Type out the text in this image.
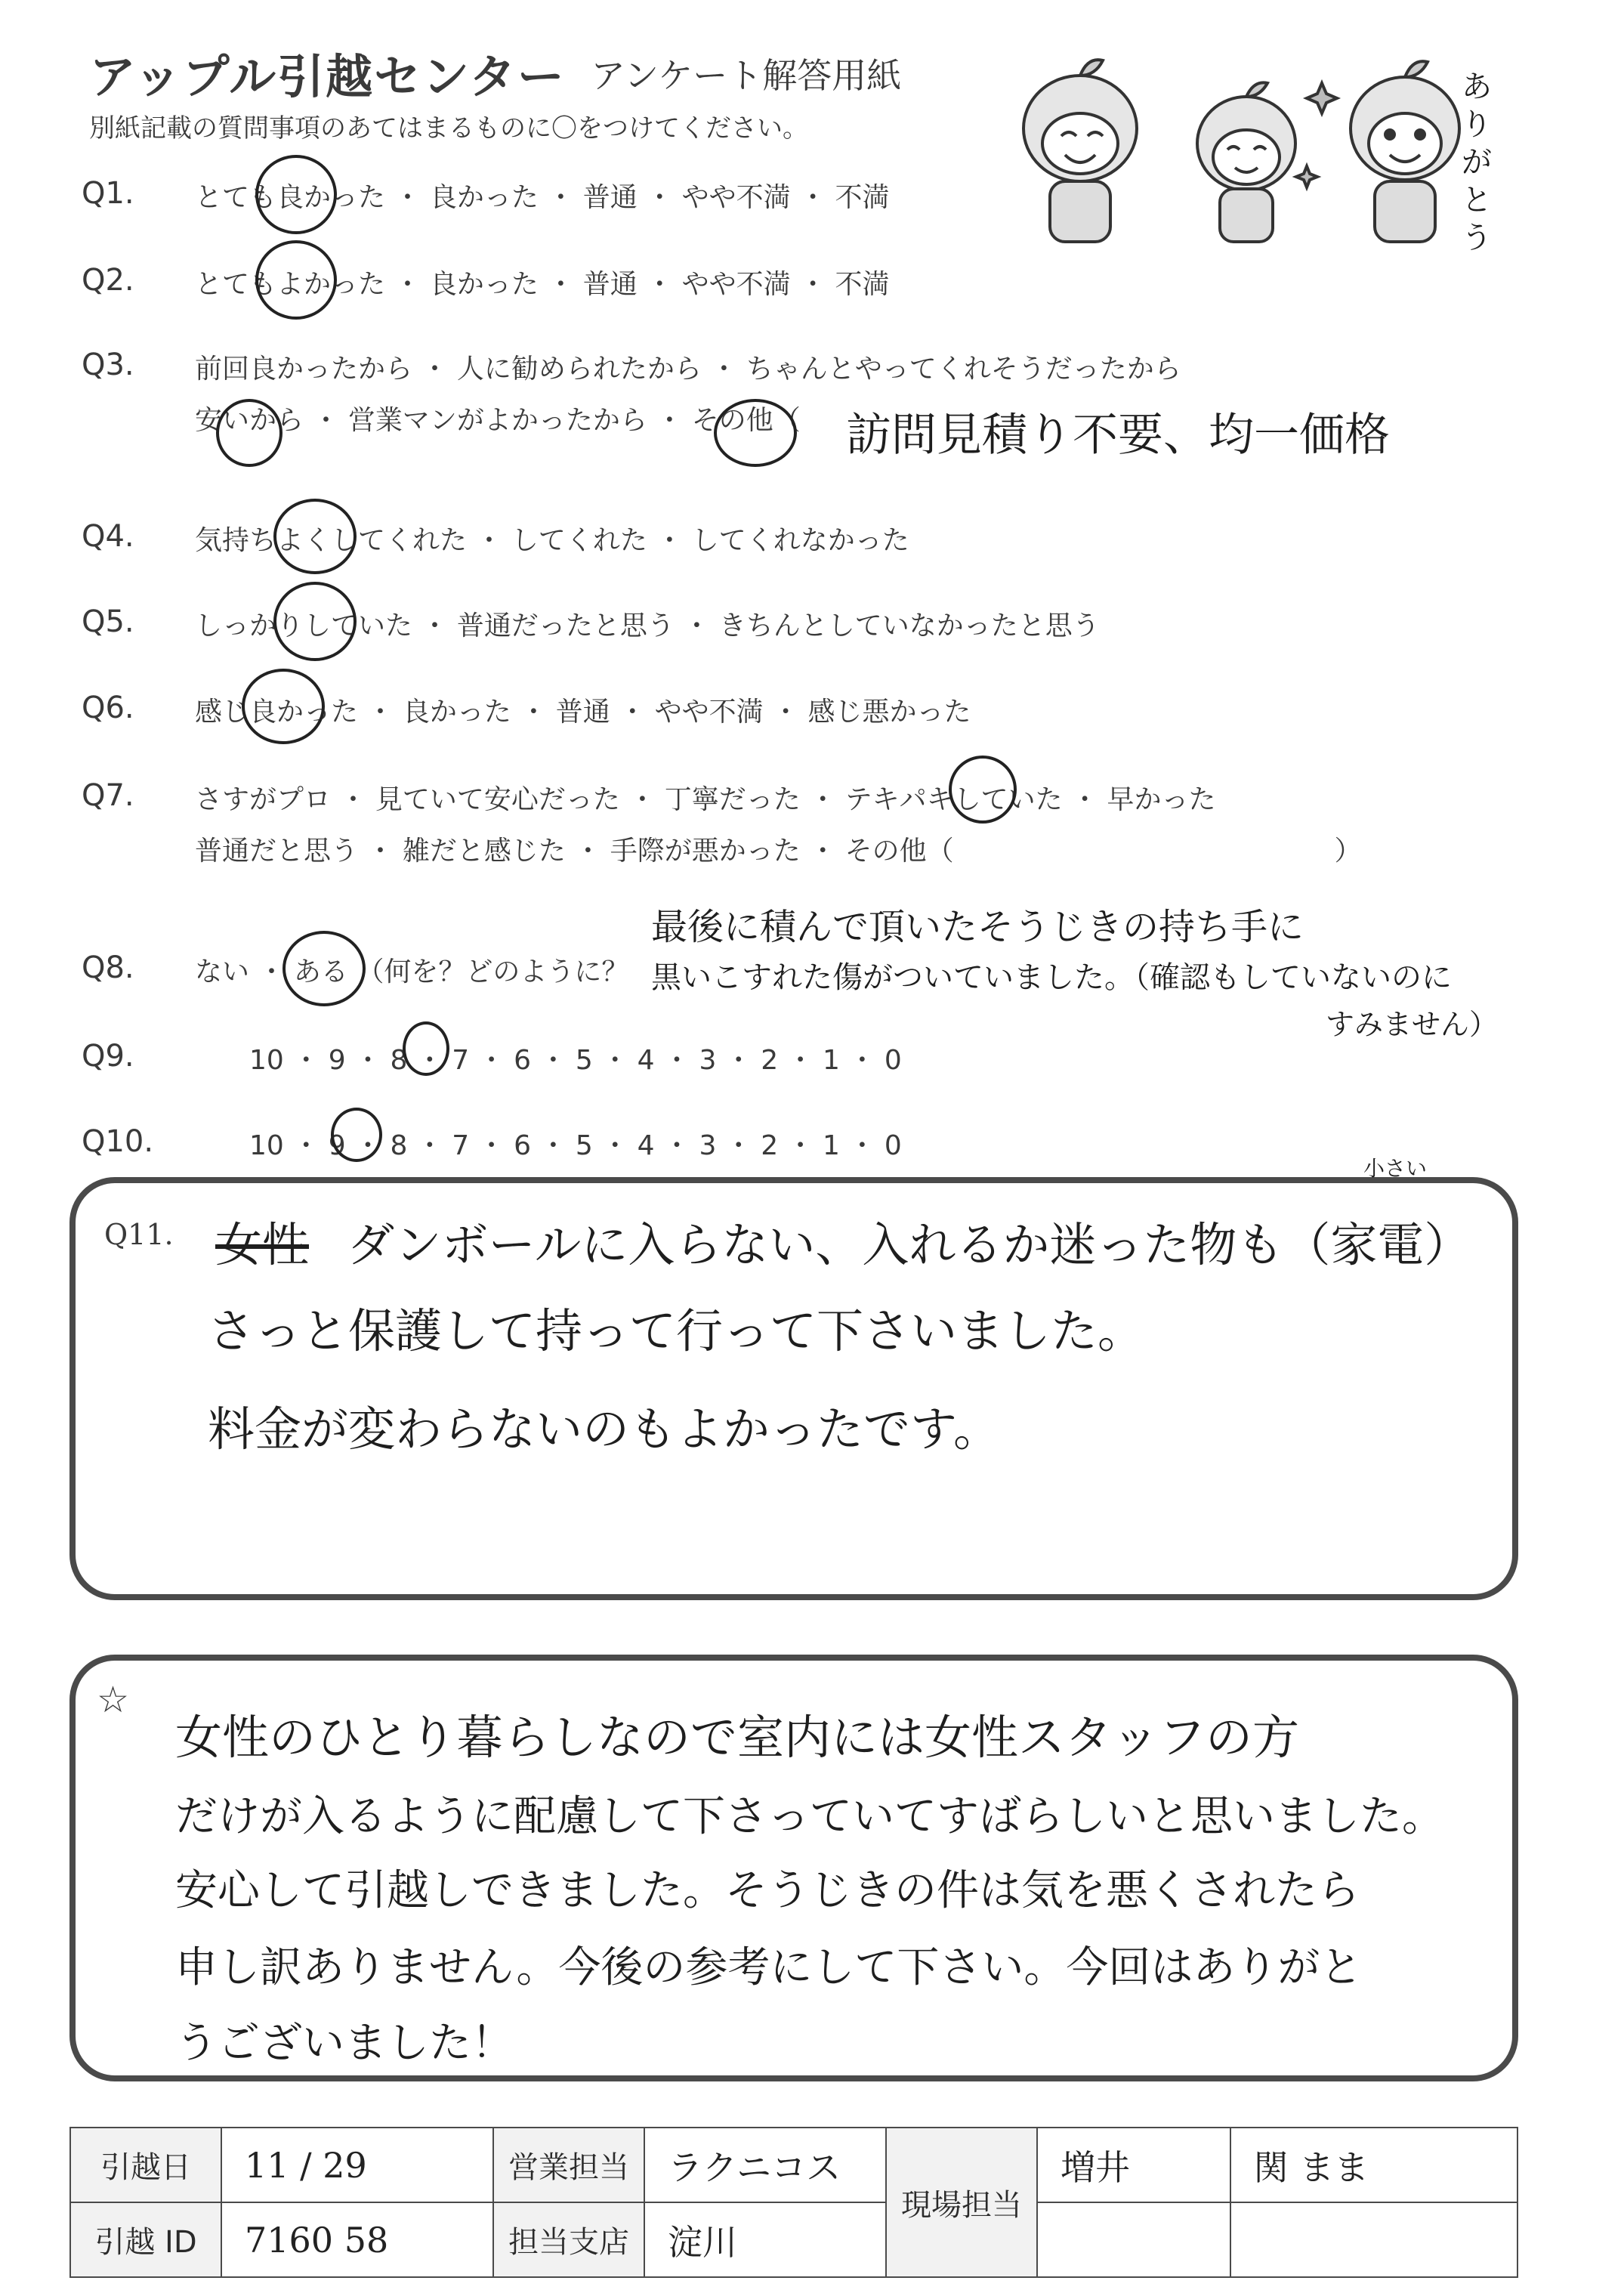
アップル引越センター アンケート解答用紙
別紙記載の質問事項のあてはまるものに〇をつけてください。
ありがとう
Q1.	とても良かった ・ 良かった ・ 普通 ・ やや不満 ・ 不満
Q2.	とてもよかった ・ 良かった ・ 普通 ・ やや不満 ・ 不満
Q3.	前回良かったから ・ 人に勧められたから ・ ちゃんとやってくれそうだったから
安いから ・ 営業マンがよかったから ・ その他（
Q4.	気持ちよくしてくれた ・ してくれた ・ してくれなかった
Q5.	しっかりしていた ・ 普通だったと思う ・ きちんとしていなかったと思う
Q6.	感じ良かった ・ 良かった ・ 普通 ・ やや不満 ・ 感じ悪かった
Q7.	さすがプロ ・ 見ていて安心だった ・ 丁寧だった ・ テキパキしていた ・ 早かった
普通だと思う ・ 雑だと感じた ・ 手際が悪かった ・ その他（　　　　　　　　　　　　　　）
Q8.	ない ・ ある （何を？どのように？
Q9.	10 ・ 9 ・ 8 ・ 7 ・ 6 ・ 5 ・ 4 ・ 3 ・ 2 ・ 1 ・ 0
Q10.	10 ・ 9 ・ 8 ・ 7 ・ 6 ・ 5 ・ 4 ・ 3 ・ 2 ・ 1 ・ 0
訪問見積り不要、均一価格
最後に積んで頂いたそうじきの持ち手に
黒いこすれた傷がついていました。（確認もしていないのに
すみません）
Q11.
小さい
女性 ダンボールに入らない、入れるか迷った物も（家電）
さっと保護して持って行って下さいました。
料金が変わらないのもよかったです。
☆
女性のひとり暮らしなので室内には女性スタッフの方
だけが入るように配慮して下さっていてすばらしいと思いました。
安心して引越しできました。そうじきの件は気を悪くされたら
申し訳ありません。今後の参考にして下さい。今回はありがと
うございました！
引越日	11 / 29	営業担当	ラクニコス	現場担当	増井	関 まま
引越 ID	7160 58	担当支店	淀川			
